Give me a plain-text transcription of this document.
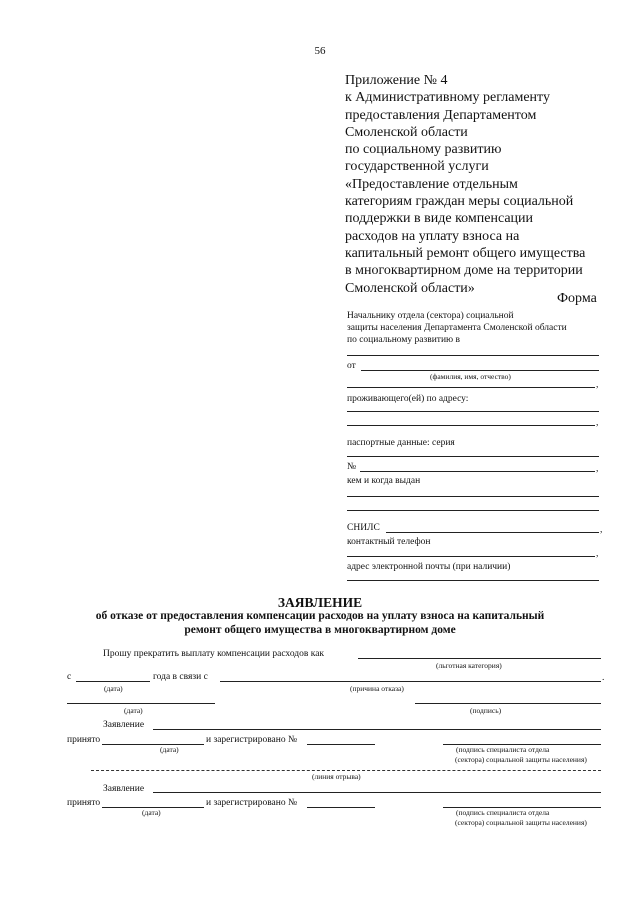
56
Приложение № 4
к Административному регламенту
предоставления Департаментом
Смоленской области
по социальному развитию
государственной услуги
«Предоставление отдельным
категориям граждан меры социальной
поддержки в виде компенсации
расходов на уплату взноса на
капитальный ремонт общего имущества
в многоквартирном доме на территории
Смоленской области»
Форма
Начальнику отдела (сектора) социальной
защиты населения Департамента Смоленской области
по социальному развитию в
от
(фамилия, имя, отчество)
,
проживающего(ей) по адресу:
,
паспортные данные: серия
№	,
кем и когда выдан
СНИЛС	,
контактный телефон
,
адрес электронной почты (при наличии)
ЗАЯВЛЕНИЕ
об отказе от предоставления компенсации расходов на уплату взноса на капитальный
ремонт общего имущества в многоквартирном доме
Прошу прекратить выплату компенсации расходов как
(льготная категория)
с	года в связи с	.
(дата)	(причина отказа)
(дата)	(подпись)
Заявление
принято	и зарегистрировано №
(дата)	(подпись специалиста отдела
(сектора) социальной защиты населения)
(линия отрыва)
Заявление
принято	и зарегистрировано №
(дата)	(подпись специалиста отдела
(сектора) социальной защиты населения)
